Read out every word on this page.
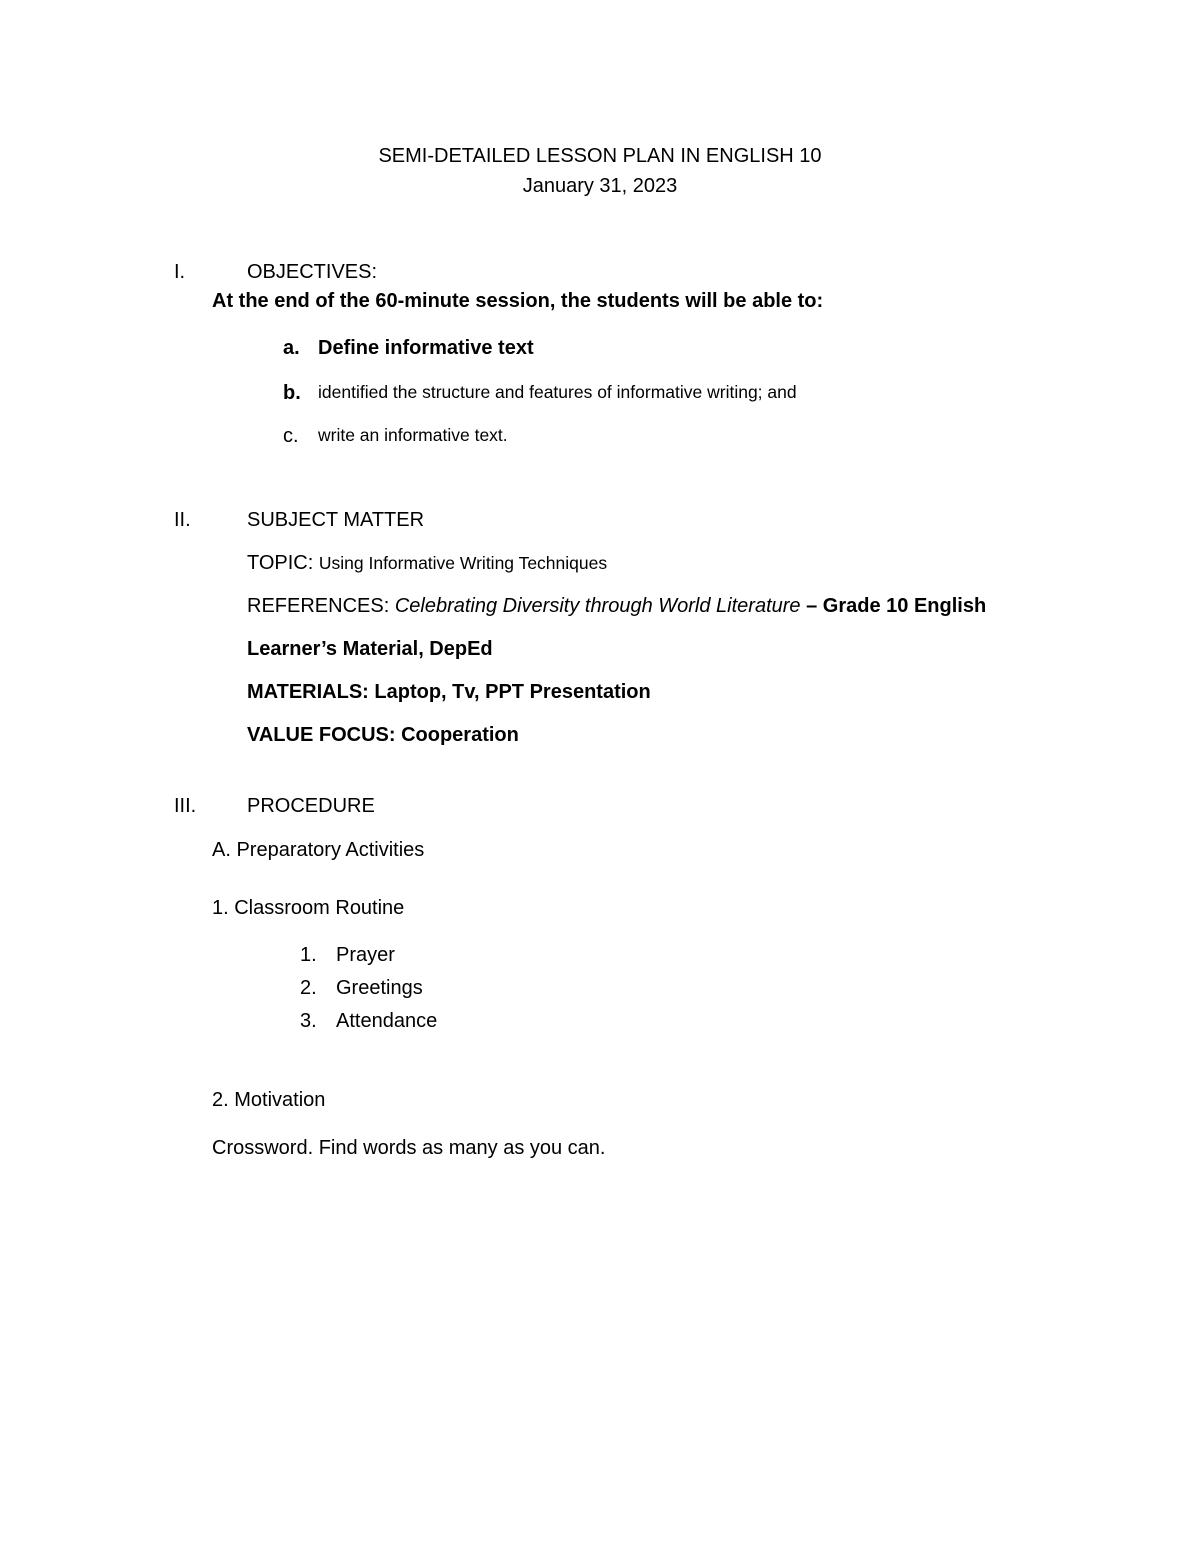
SEMI-DETAILED LESSON PLAN IN ENGLISH 10
January 31, 2023
I.	OBJECTIVES:
At the end of the 60-minute session, the students will be able to:
a. Define informative text
b. identified the structure and features of informative writing; and
c. write an informative text.
II.	SUBJECT MATTER
TOPIC: Using Informative Writing Techniques
REFERENCES: Celebrating Diversity through World Literature – Grade 10 English
Learner’s Material, DepEd
MATERIALS: Laptop, Tv, PPT Presentation
VALUE FOCUS: Cooperation
III.	PROCEDURE
A. Preparatory Activities
1. Classroom Routine
1. Prayer
2. Greetings
3. Attendance
2. Motivation
Crossword. Find words as many as you can.
